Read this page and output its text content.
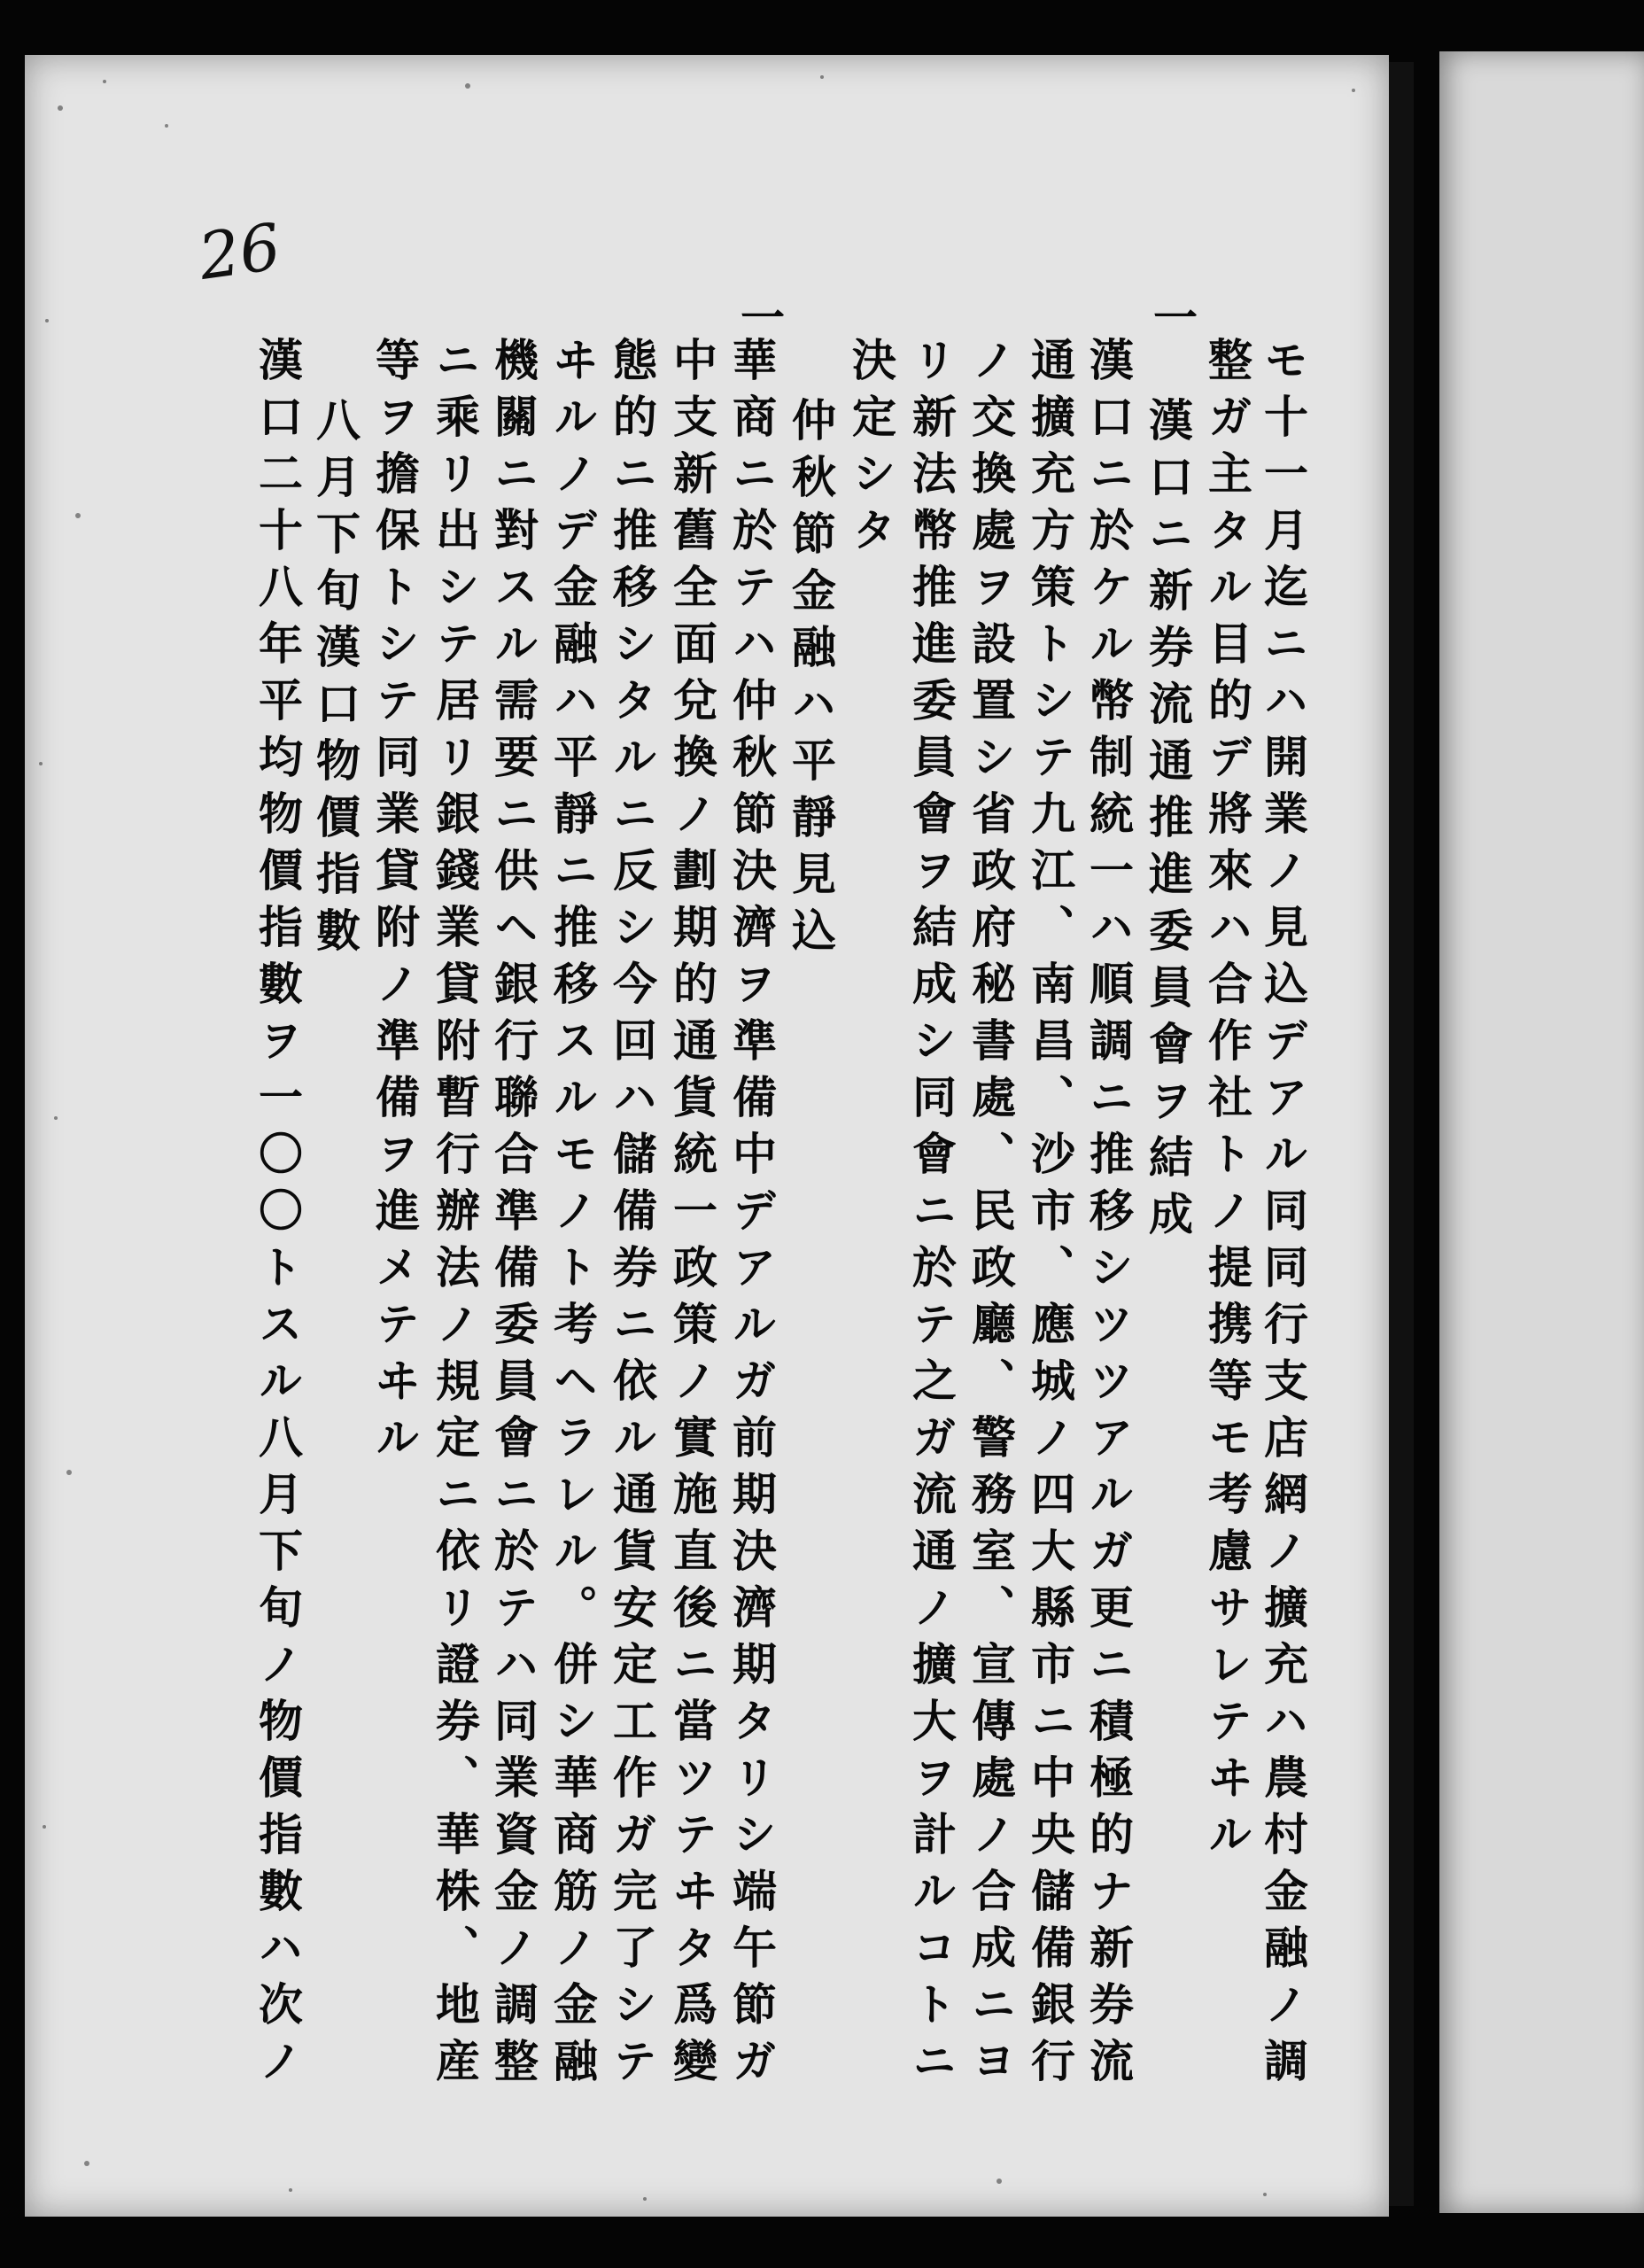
26
モ十一月迄ニハ開業ノ見込デアル同同行支店網ノ擴充ハ農村金融ノ調
整ガ主タル目的デ將來ハ合作社トノ提携等モ考慮サレテヰル
漢口ニ新券流通推進委員會ヲ結成
漢口ニ於ケル幣制統一ハ順調ニ推移シツツアルガ更ニ積極的ナ新券流
通擴充方策トシテ九江、南昌、沙市、應城ノ四大縣市ニ中央儲備銀行
ノ交換處ヲ設置シ省政府秘書處、民政廳、警務室、宣傳處ノ合成ニヨ
リ新法幣推進委員會ヲ結成シ同會ニ於テ之ガ流通ノ擴大ヲ計ルコトニ
決定シタ
仲秋節金融ハ平靜見込
華商ニ於テハ仲秋節決濟ヲ準備中デアルガ前期決濟期タリシ端午節ガ
中支新舊全面兌換ノ劃期的通貨統一政策ノ實施直後ニ當ツテヰタ爲變
態的ニ推移シタルニ反シ今回ハ儲備券ニ依ル通貨安定工作ガ完了シテ
ヰルノデ金融ハ平靜ニ推移スルモノト考ヘラレル。併シ華商筋ノ金融
機關ニ對スル需要ニ供ヘ銀行聯合準備委員會ニ於テハ同業資金ノ調整
ニ乘リ出シテ居リ銀錢業貸附暫行辦法ノ規定ニ依リ證券、華株、地産
等ヲ擔保トシテ同業貸附ノ準備ヲ進メテヰル
八月下旬漢口物價指數
漢口二十八年平均物價指數ヲ一〇〇トスル八月下旬ノ物價指數ハ次ノ
一
一
